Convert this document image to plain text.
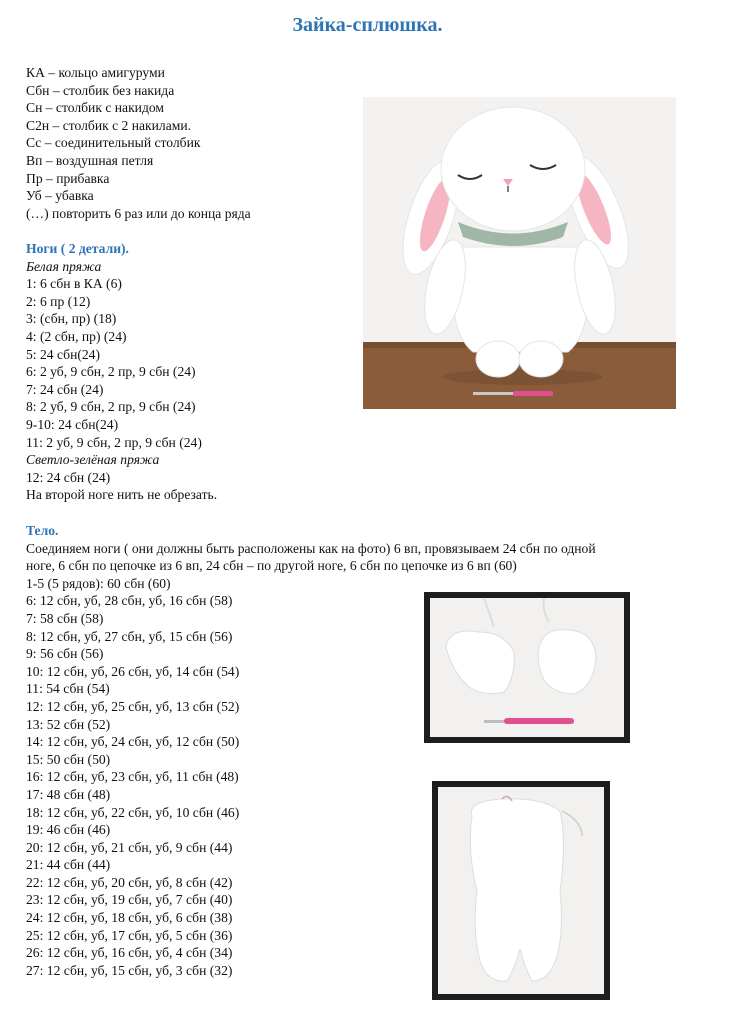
Зайка-сплюшка.
КА – кольцо амигуруми
Сбн – столбик без накида
Сн – столбик с накидом
С2н – столбик с 2 накилами.
Сс – соединительный столбик
Вп – воздушная петля
Пр – прибавка
Уб – убавка
(…) повторить 6 раз или до конца ряда
Ноги ( 2 детали).
Белая пряжа
1: 6 сбн в КА (6)
2: 6 пр (12)
3: (сбн, пр) (18)
4: (2 сбн, пр) (24)
5: 24 сбн(24)
6: 2 уб, 9 сбн, 2 пр, 9 сбн (24)
7: 24 сбн (24)
8: 2 уб, 9 сбн, 2 пр, 9 сбн (24)
9-10: 24 сбн(24)
11: 2 уб, 9 сбн, 2 пр, 9 сбн (24)
Светло-зелёная пряжа
12: 24 сбн (24)
На второй ноге нить не обрезать.
Тело.
Соединяем ноги ( они должны быть расположены как на фото) 6 вп, провязываем 24 сбн по одной
ноге, 6 сбн по цепочке из 6 вп, 24 сбн – по другой ноге, 6 сбн по цепочке из 6 вп (60)
1-5 (5 рядов): 60 сбн (60)
6: 12 сбн, уб, 28 сбн, уб, 16 сбн (58)
7: 58 сбн (58)
8: 12 сбн, уб, 27 сбн, уб, 15 сбн (56)
9: 56 сбн (56)
10: 12 сбн, уб, 26 сбн, уб, 14 сбн (54)
11: 54 сбн (54)
12: 12 сбн, уб, 25 сбн, уб, 13 сбн (52)
13: 52 сбн (52)
14: 12 сбн, уб, 24 сбн, уб, 12 сбн (50)
15: 50 сбн (50)
16: 12 сбн, уб, 23 сбн, уб, 11 сбн (48)
17: 48 сбн (48)
18: 12 сбн, уб, 22 сбн, уб, 10 сбн (46)
19: 46 сбн (46)
20: 12 сбн, уб, 21 сбн, уб, 9 сбн (44)
21: 44 сбн (44)
22: 12 сбн, уб, 20 сбн, уб, 8 сбн (42)
23: 12 сбн, уб, 19 сбн, уб, 7 сбн (40)
24: 12 сбн, уб, 18 сбн, уб, 6 сбн (38)
25: 12 сбн, уб, 17 сбн, уб, 5 сбн (36)
26: 12 сбн, уб, 16 сбн, уб, 4 сбн (34)
27: 12 сбн, уб, 15 сбн, уб, 3 сбн (32)
